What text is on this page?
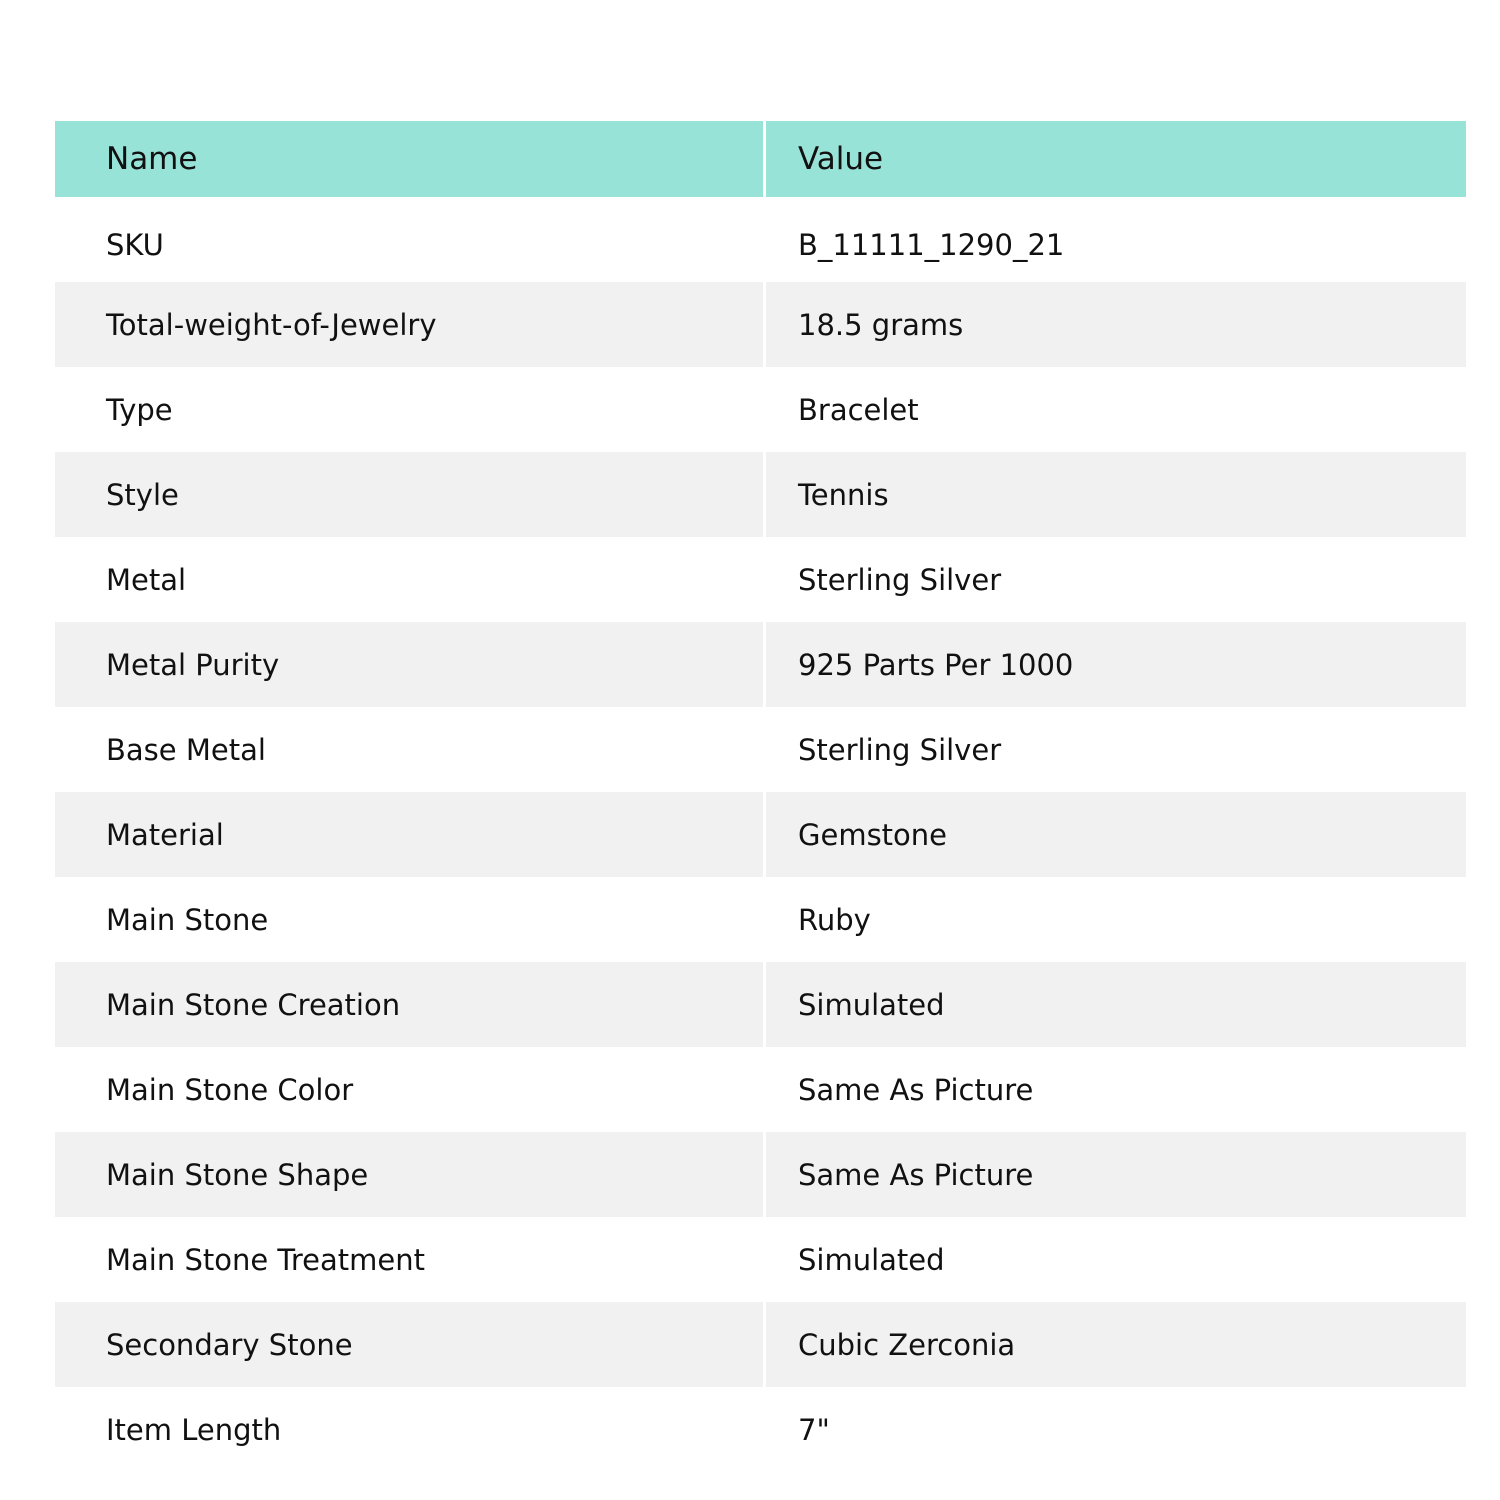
Name	Value
SKU	B_11111_1290_21
Total-weight-of-Jewelry	18.5 grams
Type	Bracelet
Style	Tennis
Metal	Sterling Silver
Metal Purity	925 Parts Per 1000
Base Metal	Sterling Silver
Material	Gemstone
Main Stone	Ruby
Main Stone Creation	Simulated
Main Stone Color	Same As Picture
Main Stone Shape	Same As Picture
Main Stone Treatment	Simulated
Secondary Stone	Cubic Zerconia
Item Length	7"
